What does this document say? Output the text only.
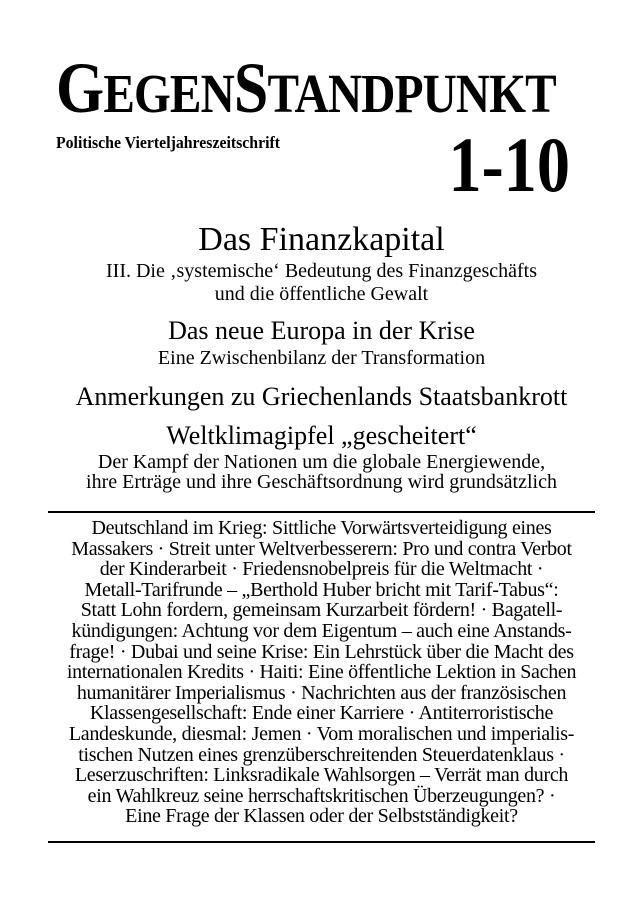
GEGENSTANDPUNKT
Politische Vierteljahreszeitschrift 1-10
Das Finanzkapital
III. Die ‚systemische‘ Bedeutung des Finanzgeschäfts
und die öffentliche Gewalt
Das neue Europa in der Krise
Eine Zwischenbilanz der Transformation
Anmerkungen zu Griechenlands Staatsbankrott
Weltklimagipfel „gescheitert“
Der Kampf der Nationen um die globale Energiewende,
ihre Erträge und ihre Geschäftsordnung wird grundsätzlich
Deutschland im Krieg: Sittliche Vorwärtsverteidigung eines
Massakers · Streit unter Weltverbesserern: Pro und contra Verbot
der Kinderarbeit · Friedensnobelpreis für die Weltmacht ·
Metall-Tarifrunde – „Berthold Huber bricht mit Tarif-Tabus“:
Statt Lohn fordern, gemeinsam Kurzarbeit fördern! · Bagatell-
kündigungen: Achtung vor dem Eigentum – auch eine Anstands-
frage! · Dubai und seine Krise: Ein Lehrstück über die Macht des
internationalen Kredits · Haiti: Eine öffentliche Lektion in Sachen
humanitärer Imperialismus · Nachrichten aus der französischen
Klassengesellschaft: Ende einer Karriere · Antiterroristische
Landeskunde, diesmal: Jemen · Vom moralischen und imperialis-
tischen Nutzen eines grenzüberschreitenden Steuerdatenklaus ·
Leserzuschriften: Linksradikale Wahlsorgen – Verrät man durch
ein Wahlkreuz seine herrschaftskritischen Überzeugungen? ·
Eine Frage der Klassen oder der Selbstständigkeit?
